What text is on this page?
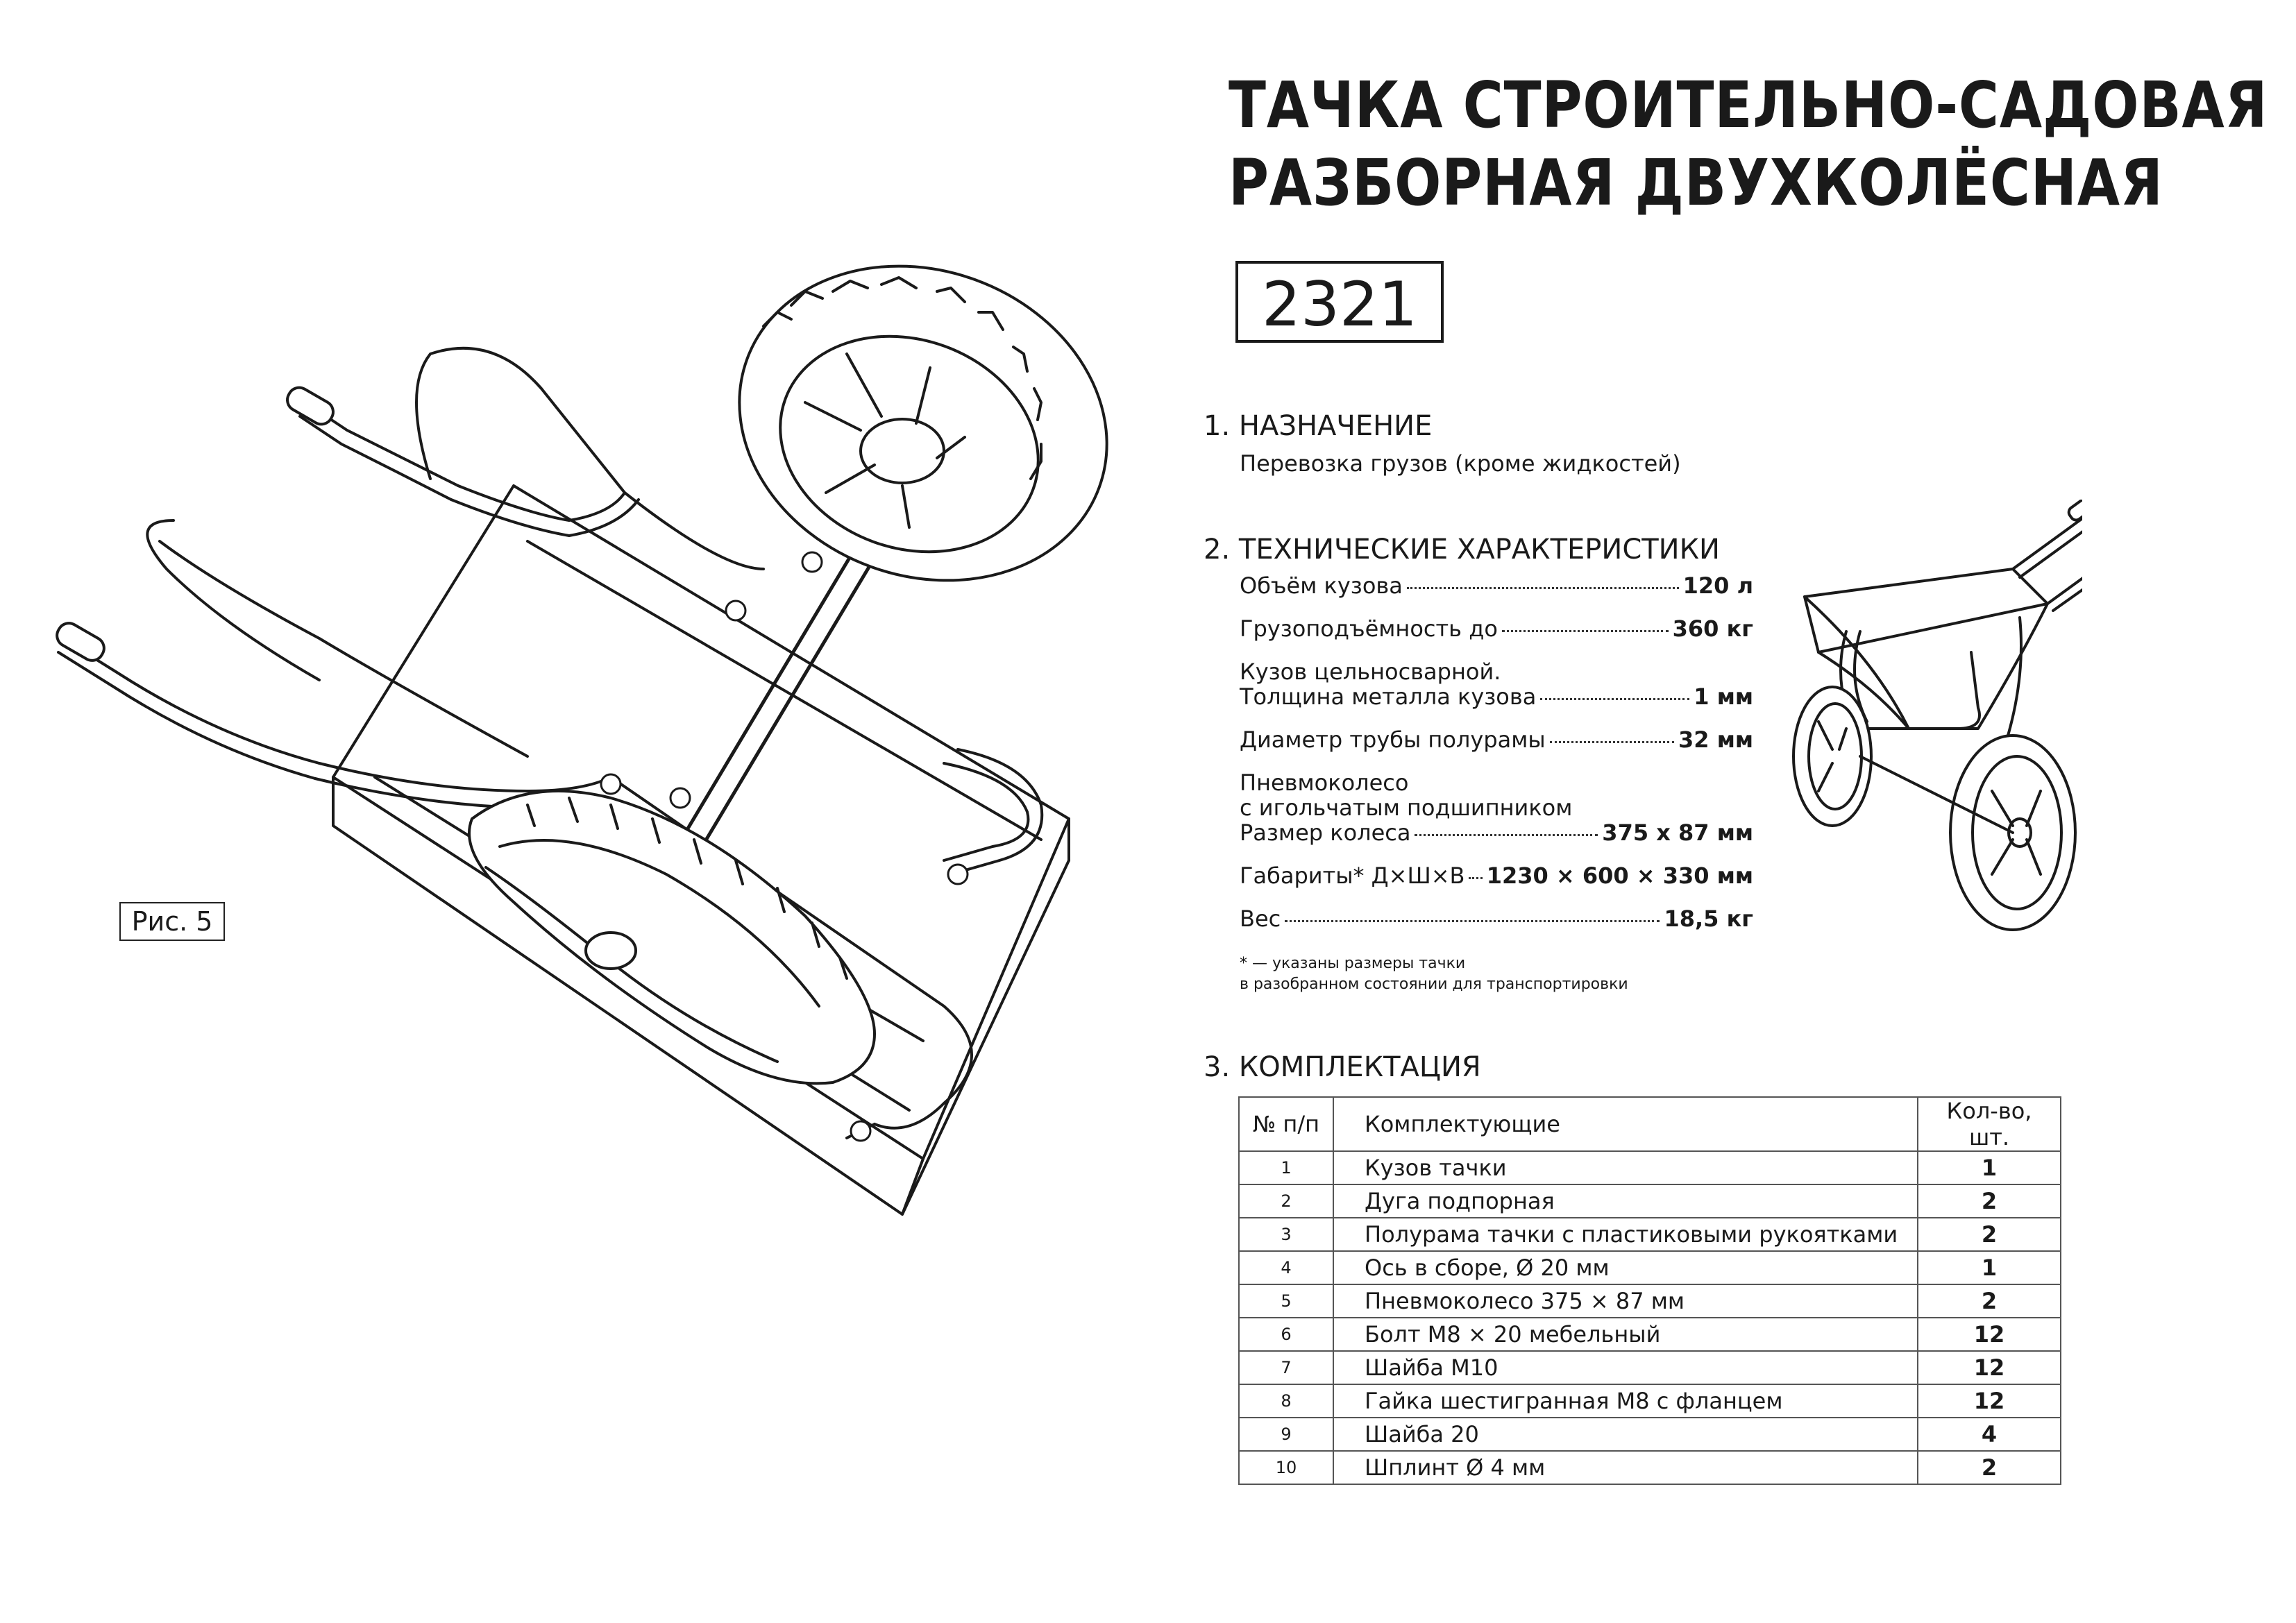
Рис. 5
ТАЧКА СТРОИТЕЛЬНО-САДОВАЯ
РАЗБОРНАЯ ДВУХКОЛЁСНАЯ
2321
1. НАЗНАЧЕНИЕ
Перевозка грузов (кроме жидкостей)
2. ТЕХНИЧЕСКИЕ ХАРАКТЕРИСТИКИ
Объём кузова	120 л
Грузоподъёмность до	360 кг
Кузов цельносварной.
Толщина металла кузова	1 мм
Диаметр трубы полурамы	32 мм
Пневмоколесо
с игольчатым подшипником
Размер колеса	375 x 87 мм
Габариты* Д×Ш×В 1230 × 600 × 330 мм
Вес	18,5 кг
* — указаны размеры тачки
в разобранном состоянии для транспортировки
3. КОМПЛЕКТАЦИЯ
№ п/п	Комплектующие	Кол-во, шт.
1	Кузов тачки	1
2	Дуга подпорная	2
3	Полурама тачки с пластиковыми рукоятками	2
4	Ось в сборе, Ø 20 мм	1
5	Пневмоколесо 375 × 87 мм	2
6	Болт М8 × 20 мебельный	12
7	Шайба М10	12
8	Гайка шестигранная М8 с фланцем	12
9	Шайба 20	4
10	Шплинт Ø 4 мм	2
